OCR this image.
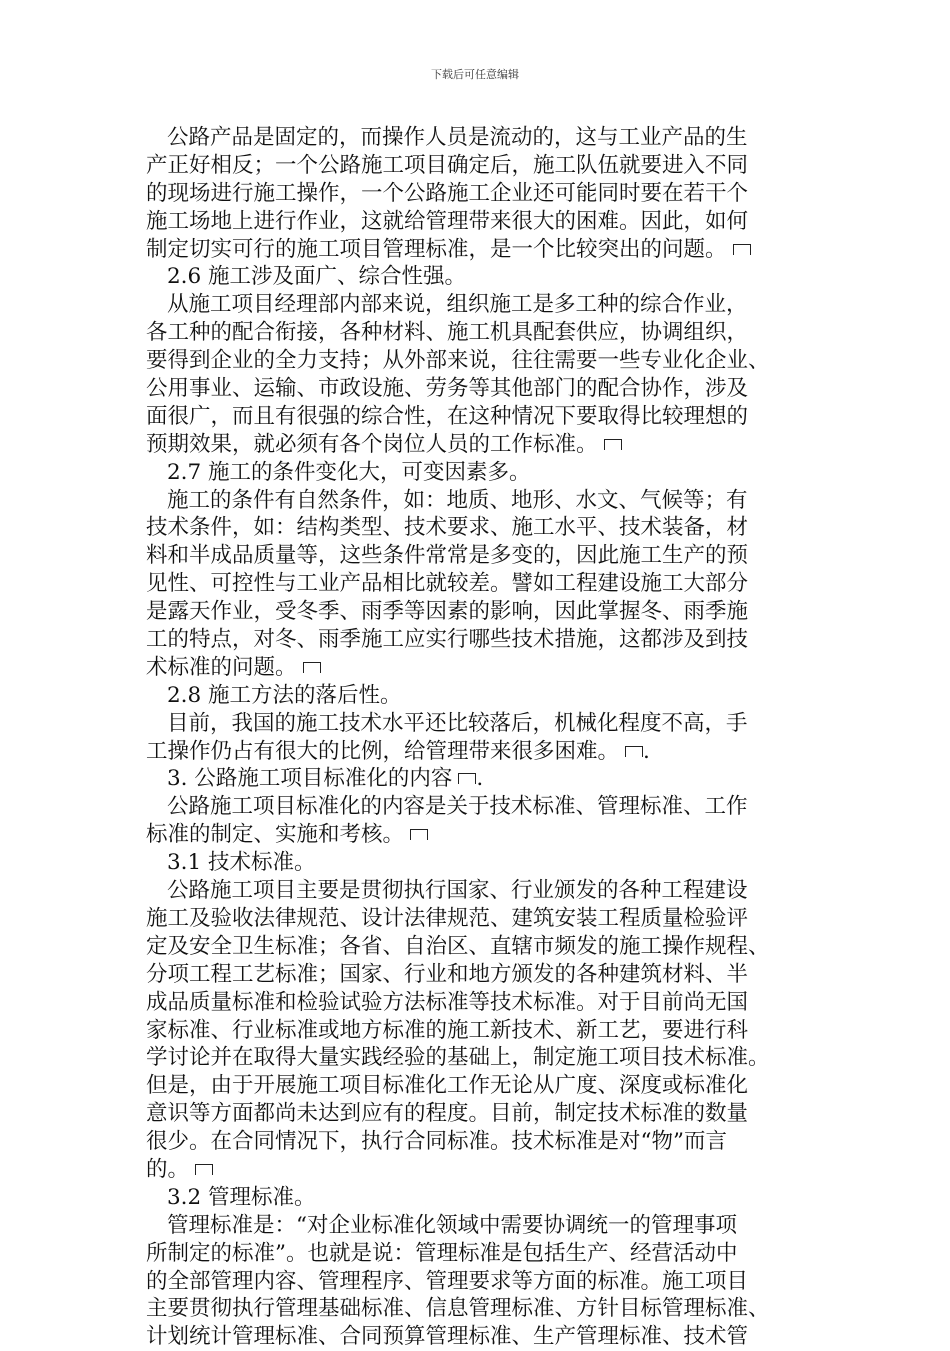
下载后可任意编辑
公路产品是固定的，而操作人员是流动的，这与工业产品的生
产正好相反；一个公路施工项目确定后，施工队伍就要进入不同
的现场进行施工操作，一个公路施工企业还可能同时要在若干个
施工场地上进行作业，这就给管理带来很大的困难。因此，如何
制定切实可行的施工项目管理标准，是一个比较突出的问题。
2.6 施工涉及面广、综合性强。
从施工项目经理部内部来说，组织施工是多工种的综合作业，
各工种的配合衔接，各种材料、施工机具配套供应，协调组织，
要得到企业的全力支持；从外部来说，往往需要一些专业化企业、
公用事业、运输、市政设施、劳务等其他部门的配合协作，涉及
面很广，而且有很强的综合性，在这种情况下要取得比较理想的
预期效果，就必须有各个岗位人员的工作标准。
2.7 施工的条件变化大，可变因素多。
施工的条件有自然条件，如：地质、地形、水文、气候等；有
技术条件，如：结构类型、技术要求、施工水平、技术装备，材
料和半成品质量等，这些条件常常是多变的，因此施工生产的预
见性、可控性与工业产品相比就较差。譬如工程建设施工大部分
是露天作业，受冬季、雨季等因素的影响，因此掌握冬、雨季施
工的特点，对冬、雨季施工应实行哪些技术措施，这都涉及到技
术标准的问题。
2.8 施工方法的落后性。
目前，我国的施工技术水平还比较落后，机械化程度不高，手
工操作仍占有很大的比例，给管理带来很多困难。 .
3. 公路施工项目标准化的内容 .
公路施工项目标准化的内容是关于技术标准、管理标准、工作
标准的制定、实施和考核。
3.1 技术标准。
公路施工项目主要是贯彻执行国家、行业颁发的各种工程建设
施工及验收法律规范、设计法律规范、建筑安装工程质量检验评
定及安全卫生标准；各省、自治区、直辖市频发的施工操作规程、
分项工程工艺标准；国家、行业和地方颁发的各种建筑材料、半
成品质量标准和检验试验方法标准等技术标准。对于目前尚无国
家标准、行业标准或地方标准的施工新技术、新工艺，要进行科
学讨论并在取得大量实践经验的基础上，制定施工项目技术标准。
但是，由于开展施工项目标准化工作无论从广度、深度或标准化
意识等方面都尚未达到应有的程度。目前，制定技术标准的数量
很少。在合同情况下，执行合同标准。技术标准是对“物”而言
的。
3.2 管理标准。
管理标准是：“对企业标准化领域中需要协调统一的管理事项
所制定的标准”。也就是说：管理标准是包括生产、经营活动中
的全部管理内容、管理程序、管理要求等方面的标准。施工项目
主要贯彻执行管理基础标准、信息管理标准、方针目标管理标准、
计划统计管理标准、合同预算管理标准、生产管理标准、技术管
